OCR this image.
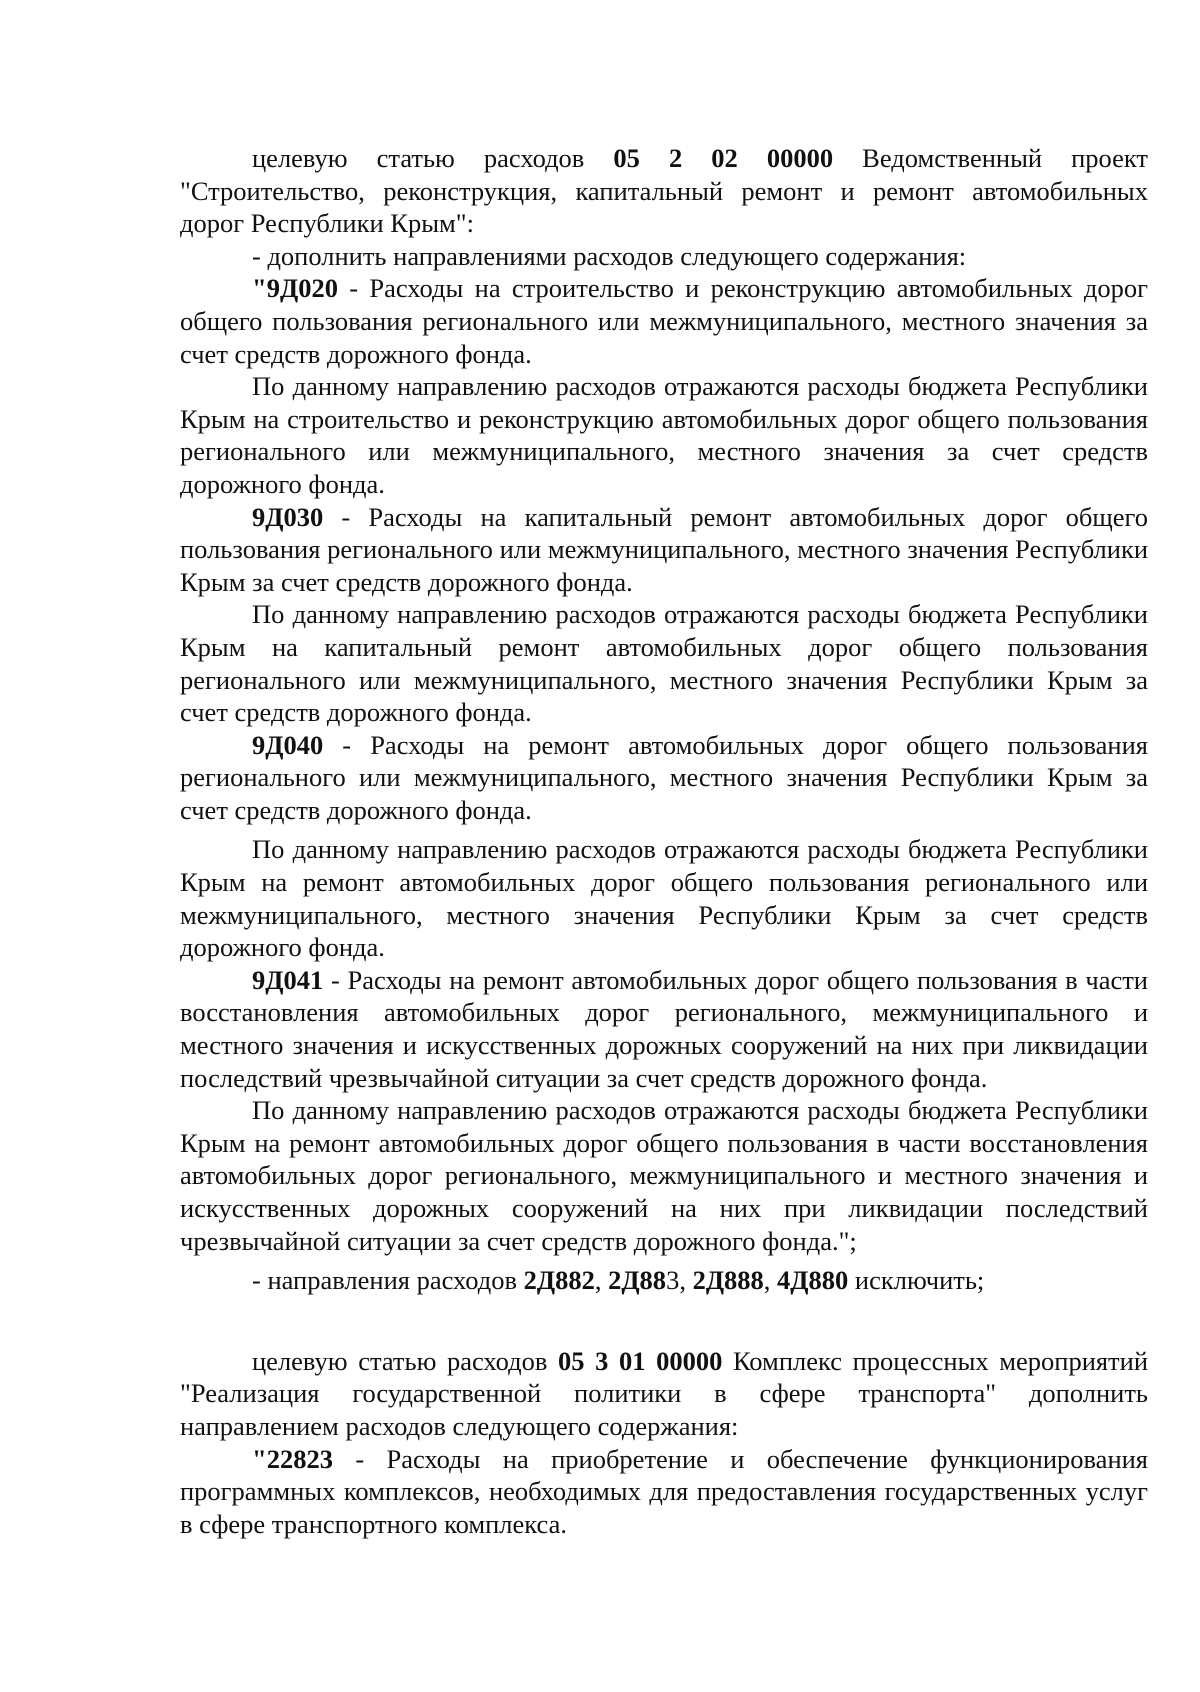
целевую статью расходов 05 2 02 00000 Ведомственный проект "Строительство, реконструкция, капитальный ремонт и ремонт автомобильных дорог Республики Крым":

- дополнить направлениями расходов следующего содержания:

"9Д020 - Расходы на строительство и реконструкцию автомобильных дорог общего пользования регионального или межмуниципального, местного значения за счет средств дорожного фонда.

По данному направлению расходов отражаются расходы бюджета Республики Крым на строительство и реконструкцию автомобильных дорог общего пользования регионального или межмуниципального, местного значения за счет средств дорожного фонда.

9Д030 - Расходы на капитальный ремонт автомобильных дорог общего пользования регионального или межмуниципального, местного значения Республики Крым за счет средств дорожного фонда.

По данному направлению расходов отражаются расходы бюджета Республики Крым на капитальный ремонт автомобильных дорог общего пользования регионального или межмуниципального, местного значения Республики Крым за счет средств дорожного фонда.

9Д040 - Расходы на ремонт автомобильных дорог общего пользования регионального или межмуниципального, местного значения Республики Крым за счет средств дорожного фонда.

По данному направлению расходов отражаются расходы бюджета Республики Крым на ремонт автомобильных дорог общего пользования регионального или межмуниципального, местного значения Республики Крым за счет средств дорожного фонда.

9Д041 - Расходы на ремонт автомобильных дорог общего пользования в части восстановления автомобильных дорог регионального, межмуниципального и местного значения и искусственных дорожных сооружений на них при ликвидации последствий чрезвычайной ситуации за счет средств дорожного фонда.

По данному направлению расходов отражаются расходы бюджета Республики Крым на ремонт автомобильных дорог общего пользования в части восстановления автомобильных дорог регионального, межмуниципального и местного значения и искусственных дорожных сооружений на них при ликвидации последствий чрезвычайной ситуации за счет средств дорожного фонда.";

- направления расходов 2Д882, 2Д883, 2Д888, 4Д880 исключить;

целевую статью расходов 05 3 01 00000 Комплекс процессных мероприятий "Реализация государственной политики в сфере транспорта" дополнить направлением расходов следующего содержания:

"22823 - Расходы на приобретение и обеспечение функционирования программных комплексов, необходимых для предоставления государственных услуг в сфере транспортного комплекса.
